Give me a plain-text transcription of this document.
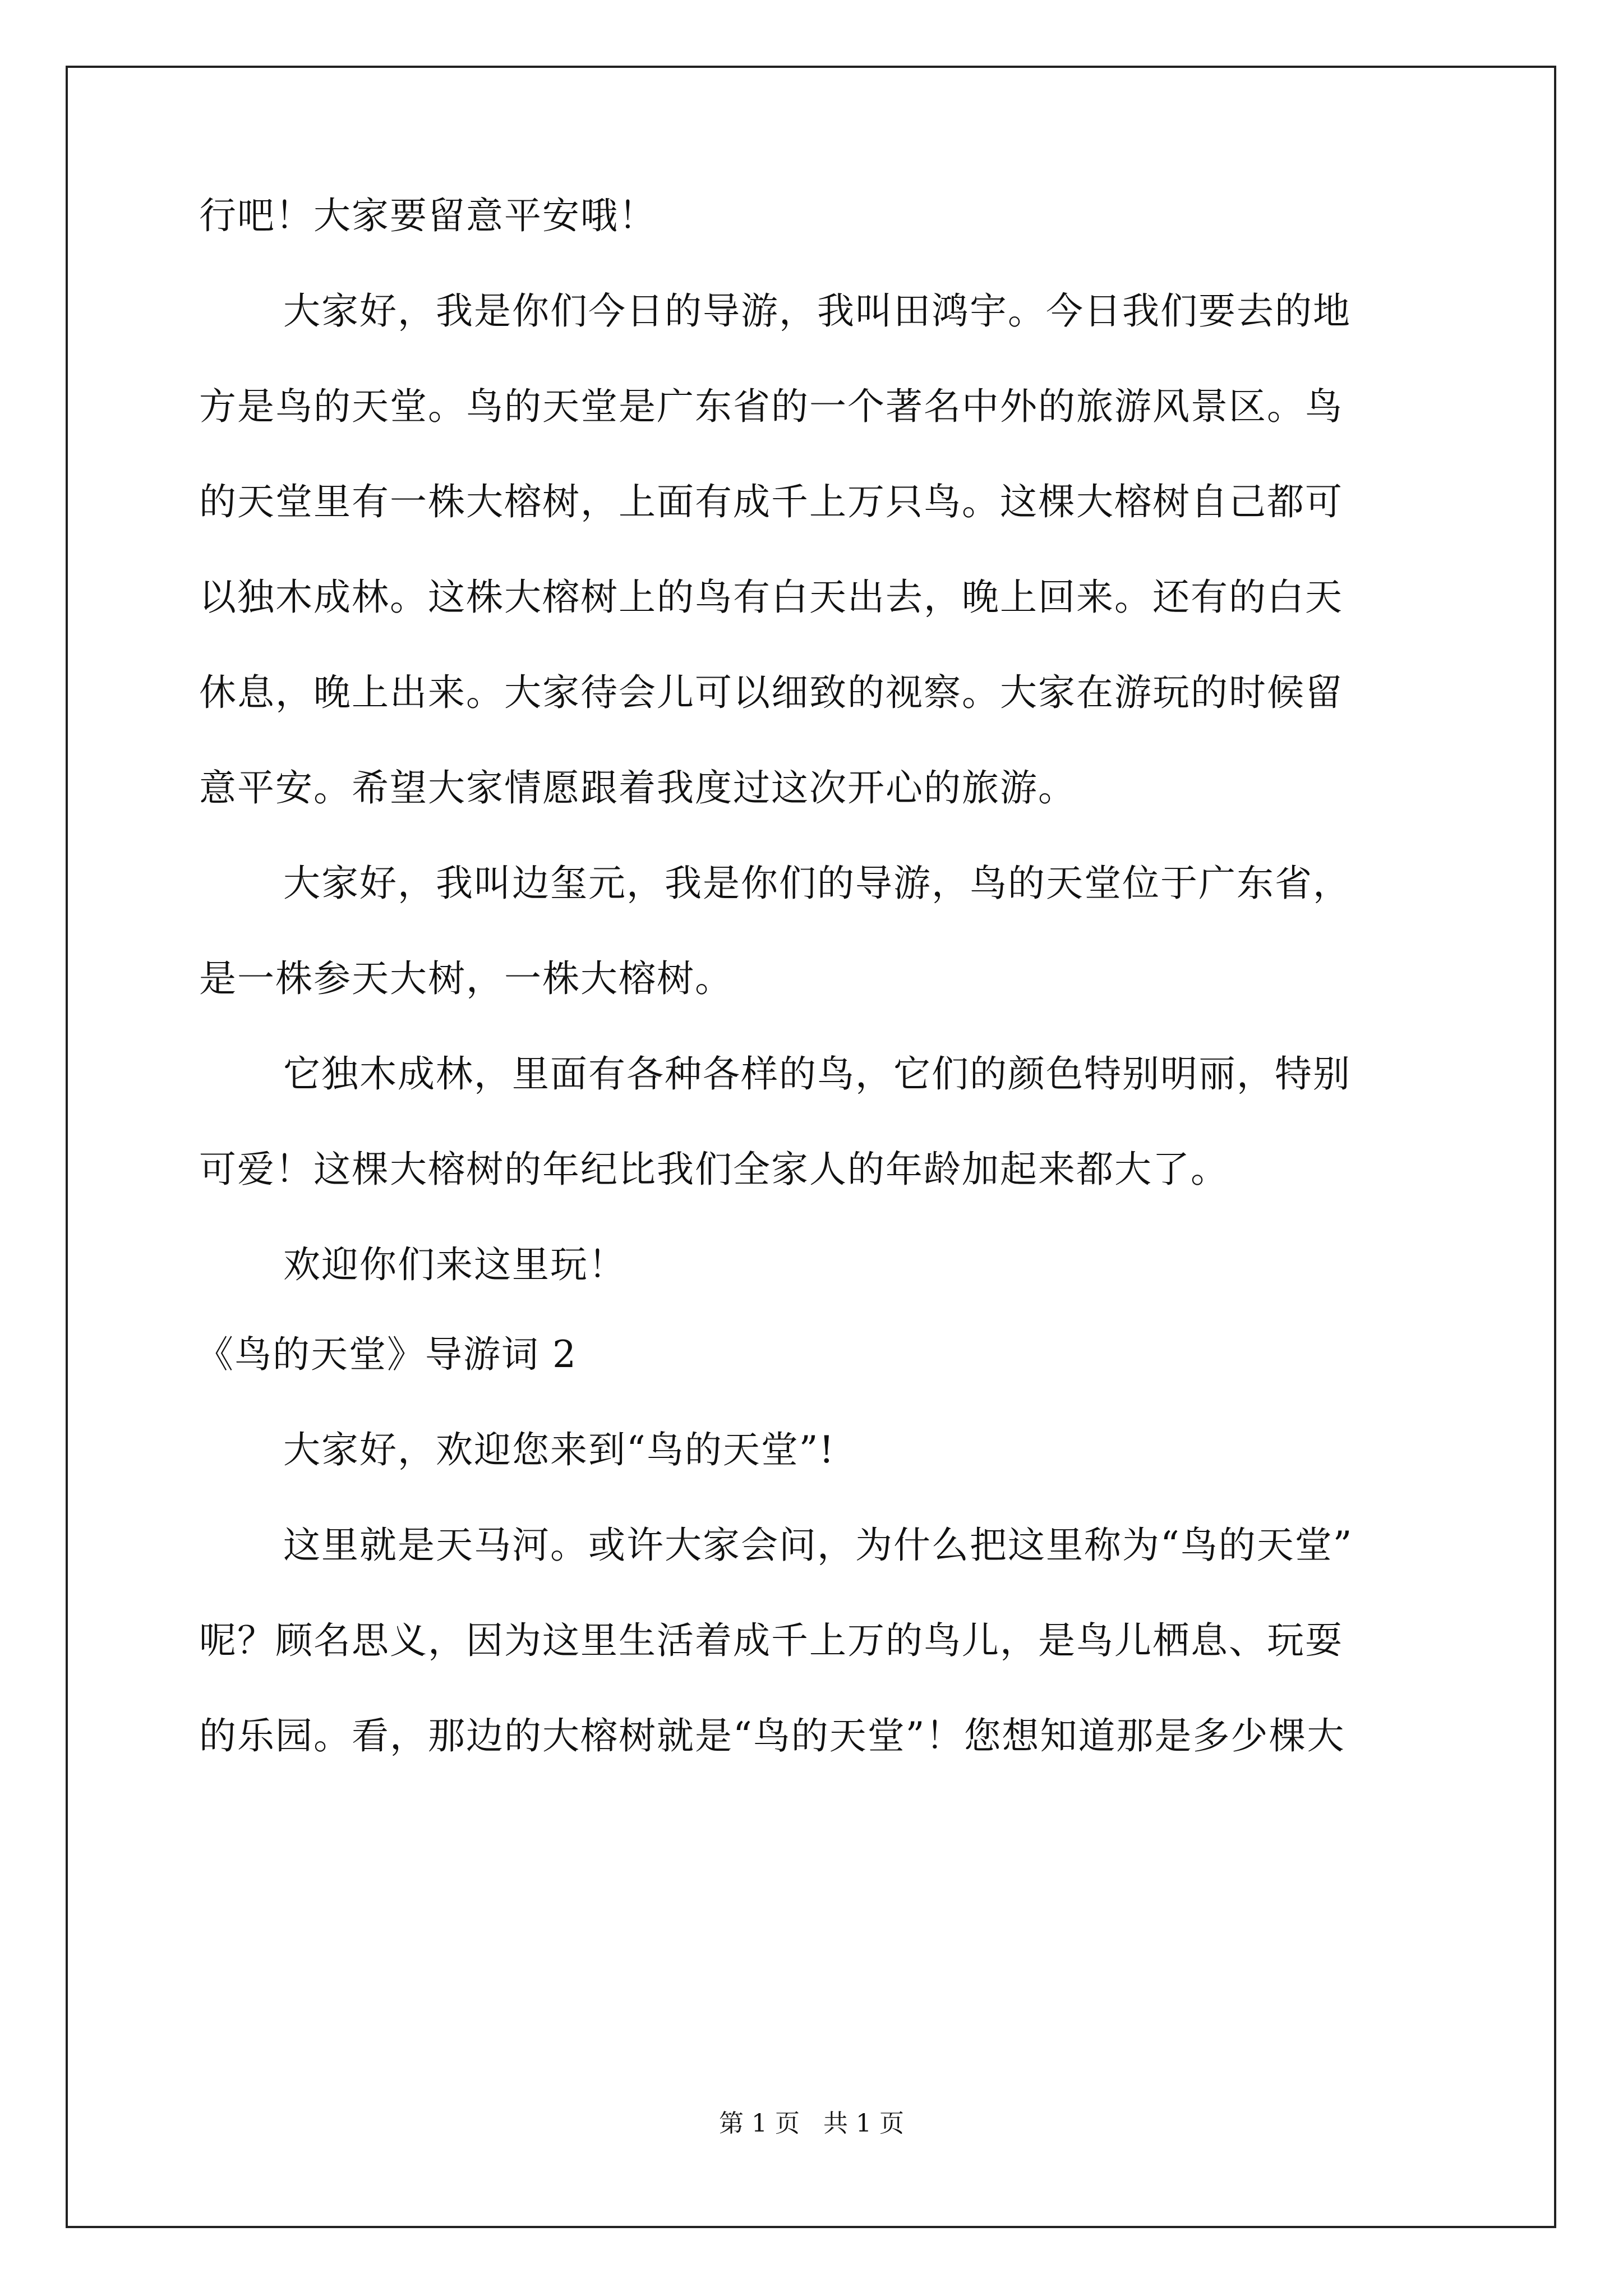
行吧！大家要留意平安哦！
大家好，我是你们今日的导游，我叫田鸿宇。今日我们要去的地
方是鸟的天堂。鸟的天堂是广东省的一个著名中外的旅游风景区。鸟
的天堂里有一株大榕树，上面有成千上万只鸟。这棵大榕树自己都可
以独木成林。这株大榕树上的鸟有白天出去，晚上回来。还有的白天
休息，晚上出来。大家待会儿可以细致的视察。大家在游玩的时候留
意平安。希望大家情愿跟着我度过这次开心的旅游。
大家好，我叫边玺元，我是你们的导游，鸟的天堂位于广东省，
是一株参天大树，一株大榕树。
它独木成林，里面有各种各样的鸟，它们的颜色特别明丽，特别
可爱！这棵大榕树的年纪比我们全家人的年龄加起来都大了。
欢迎你们来这里玩！
《鸟的天堂》导游词 2
大家好，欢迎您来到“鸟的天堂”!
这里就是天马河。或许大家会问，为什么把这里称为“鸟的天堂”
呢？顾名思义，因为这里生活着成千上万的鸟儿，是鸟儿栖息、玩耍
的乐园。看，那边的大榕树就是“鸟的天堂”！您想知道那是多少棵大
第 1 页 共 1 页
